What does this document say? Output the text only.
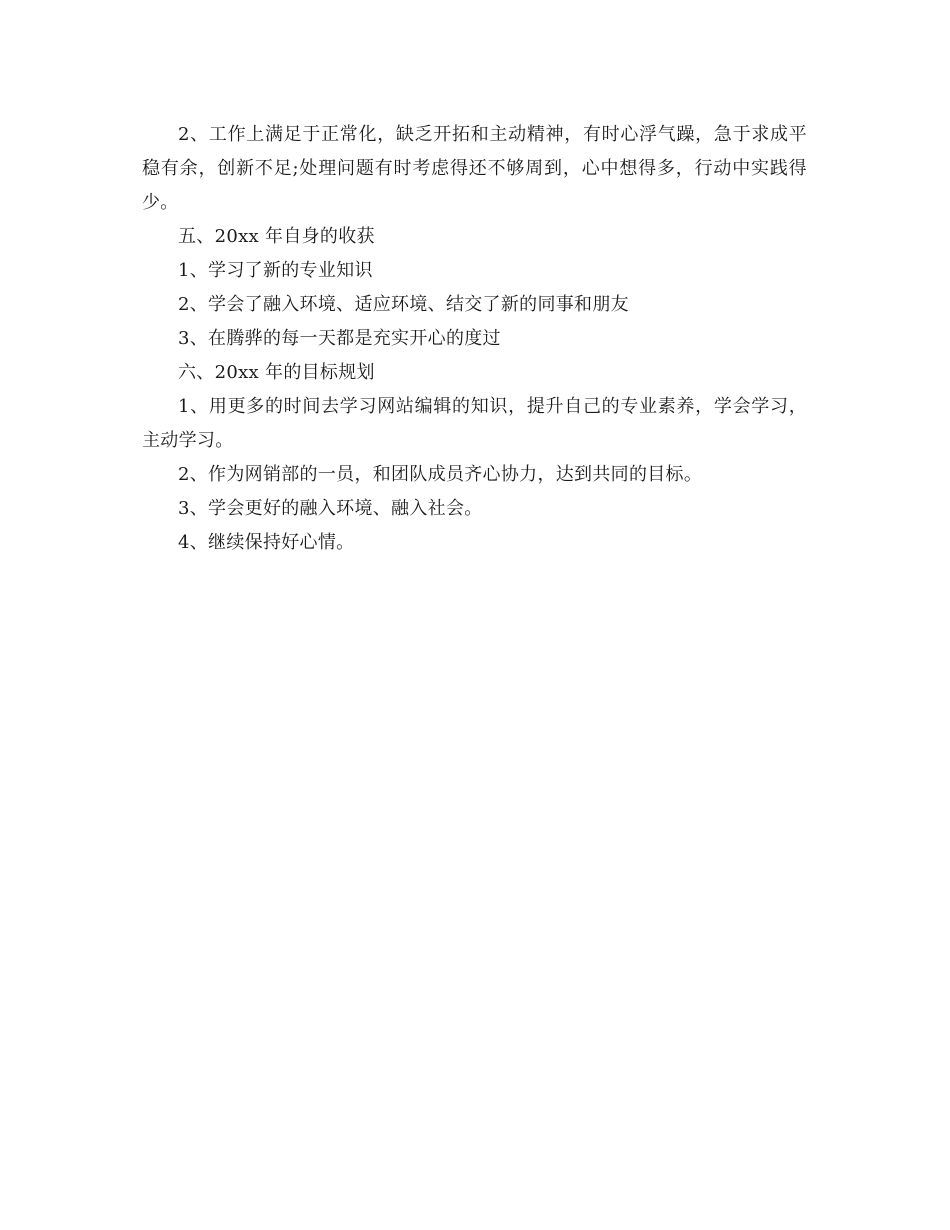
2、工作上满足于正常化，缺乏开拓和主动精神，有时心浮气躁，急于求成平稳有余，创新不足;处理问题有时考虑得还不够周到，心中想得多，行动中实践得少。

五、20xx 年自身的收获

1、学习了新的专业知识

2、学会了融入环境、适应环境、结交了新的同事和朋友

3、在腾骅的每一天都是充实开心的度过

六、20xx 年的目标规划

1、用更多的时间去学习网站编辑的知识，提升自己的专业素养，学会学习，主动学习。

2、作为网销部的一员，和团队成员齐心协力，达到共同的目标。

3、学会更好的融入环境、融入社会。

4、继续保持好心情。
